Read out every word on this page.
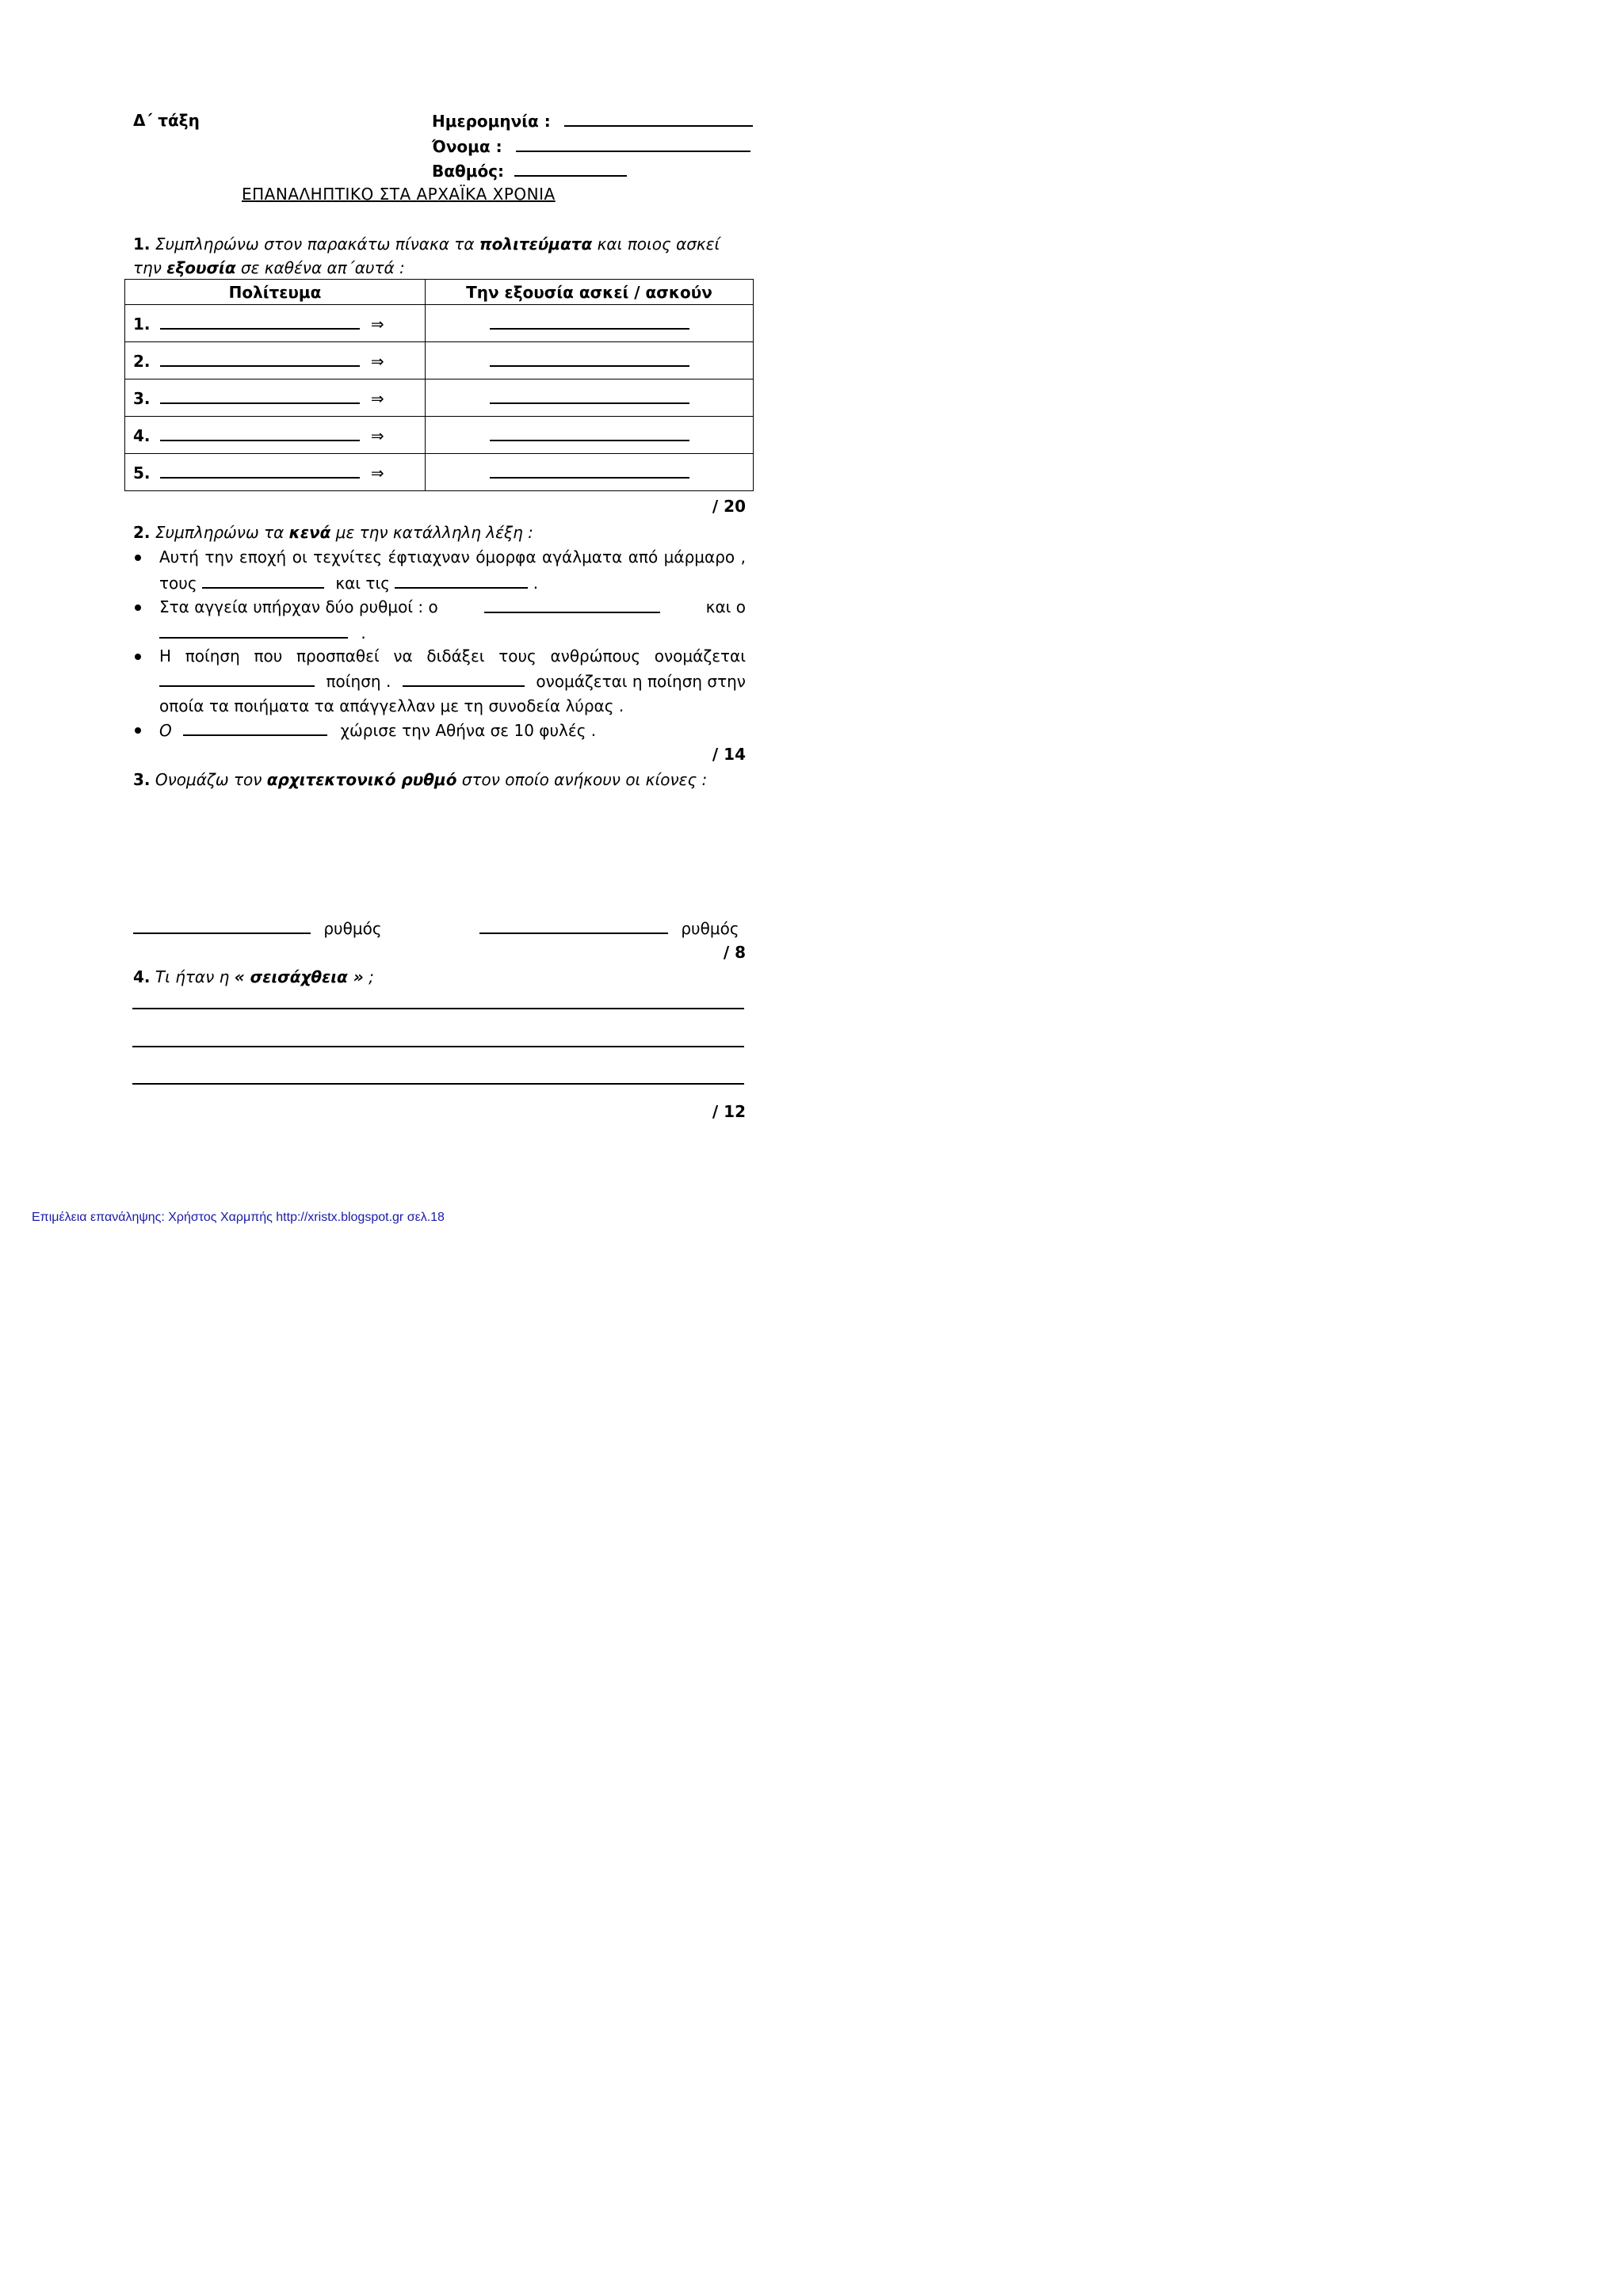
Δ΄ τάξη	Ημερομηνία :
Όνομα :
Βαθμός:
ΕΠΑΝΑΛΗΠΤΙΚΟ ΣΤΑ ΑΡΧΑΪΚΑ ΧΡΟΝΙΑ
1. Συμπληρώνω στον παρακάτω πίνακα τα πολιτεύματα και ποιος ασκεί
την εξουσία σε καθένα απ΄αυτά :
Πολίτευμα	Την εξουσία ασκεί / ασκούν
1. ⇒	
2. ⇒	
3. ⇒	
4. ⇒	
5. ⇒	
/ 20
2. Συμπληρώνω τα κενά με την κατάλληλη λέξη :
Αυτή την εποχή οι τεχνίτες έφτιαχναν όμορφα αγάλματα από μάρμαρο ,
τους	και τις	.
Στα αγγεία υπήρχαν δύο ρυθμοί : ο	και ο
.
Η ποίηση που προσπαθεί να διδάξει τους ανθρώπους ονομάζεται
ποίηση .	ονομάζεται η ποίηση στην
οποία τα ποιήματα τα απάγγελλαν με τη συνοδεία λύρας .
Ο	χώρισε την Αθήνα σε 10 φυλές .
/ 14
3. Ονομάζω τον αρχιτεκτονικό ρυθμό στον οποίο ανήκουν οι κίονες :
ρυθμός	ρυθμός
/ 8
4. Τι ήταν η « σεισάχθεια » ;
/ 12
Επιμέλεια επανάληψης: Χρήστος Χαρμπής http://xristx.blogspot.gr σελ.18
